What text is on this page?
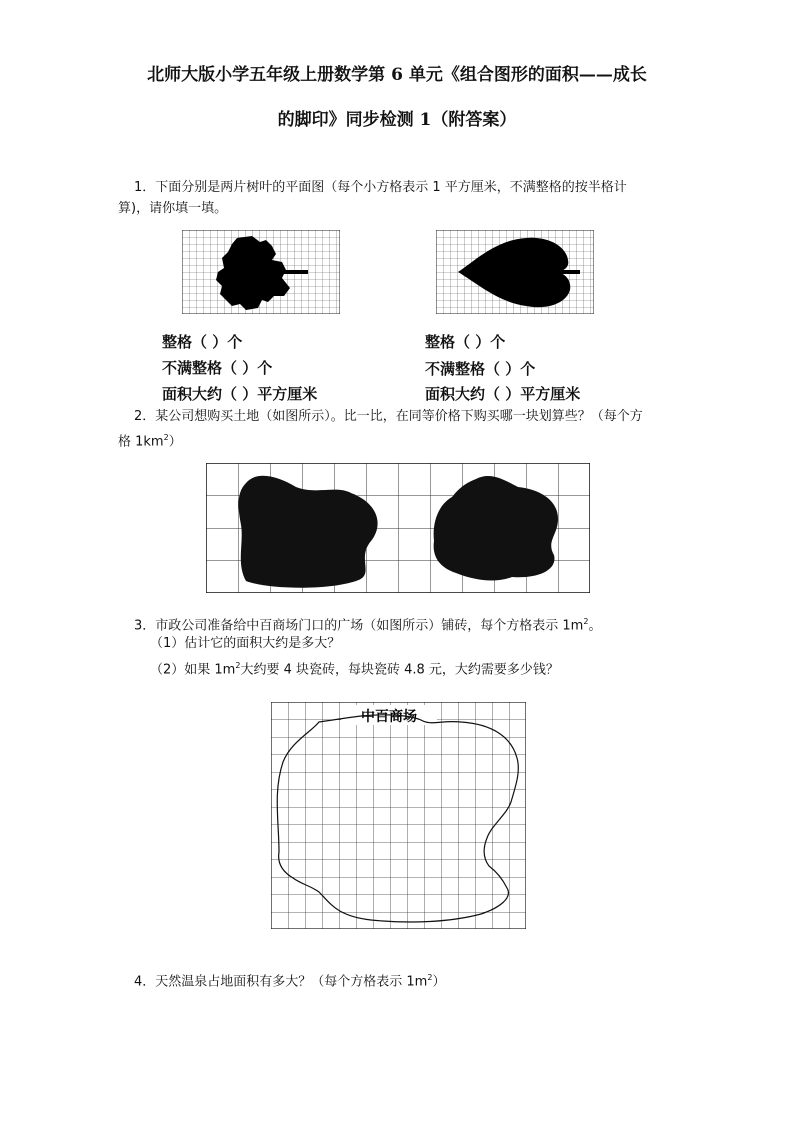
北师大版小学五年级上册数学第 6 单元《组合图形的面积——成长
的脚印》同步检测 1（附答案）
1．下面分别是两片树叶的平面图（每个小方格表示 1 平方厘米，不满整格的按半格计
算)，请你填一填。
整格（ ）个
不满整格（ ）个
面积大约（ ）平方厘米
整格（ ）个
不满整格（ ）个
面积大约（ ）平方厘米
2．某公司想购买土地（如图所示）。比一比，在同等价格下购买哪一块划算些？（每个方
格 $1km^2$）
3．市政公司准备给中百商场门口的广场（如图所示）铺砖，每个方格表示 $1m^2$。
（1）估计它的面积大约是多大？
（2）如果 $1m^2$大约要 4 块瓷砖，每块瓷砖 4.8 元，大约需要多少钱？
中百商场
4．天然温泉占地面积有多大？（每个方格表示 $1m^2$）
